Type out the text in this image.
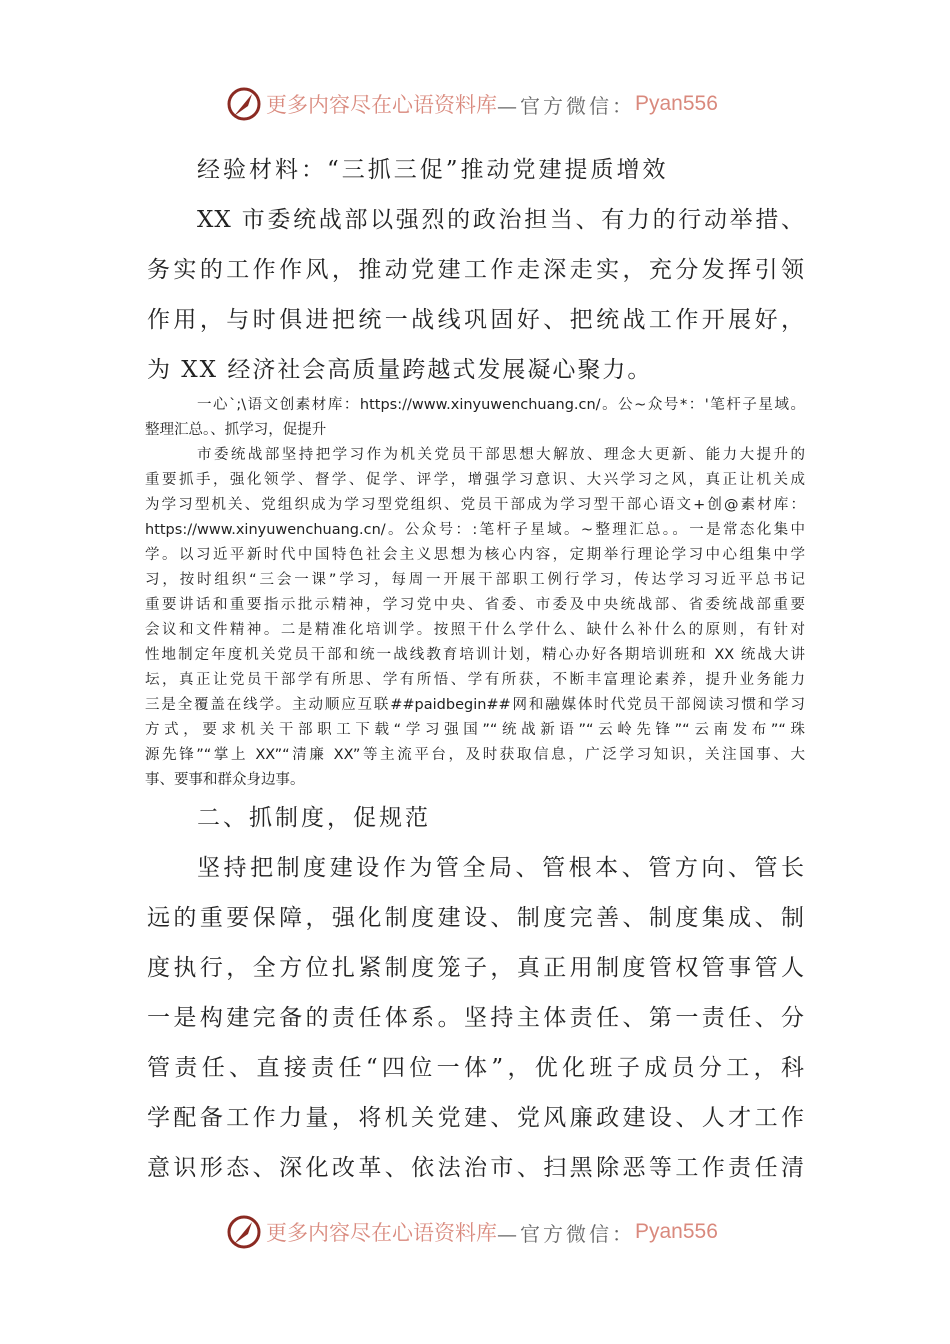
更多内容尽在心语资料库 —官方微信： Pyan556
经验材料：“三抓三促”推动党建提质增效
XX 市委统战部以强烈的政治担当、有力的行动举措、
务实的工作作风，推动党建工作走深走实，充分发挥引领
作用，与时俱进把统一战线巩固好、把统战工作开展好，
为 XX 经济社会高质量跨越式发展凝心聚力。
一心`;\语文创素材库：https://www.xinyuwenchuang.cn/。公~众号*：'笔杆子星域。
整理汇总。、抓学习，促提升
市委统战部坚持把学习作为机关党员干部思想大解放、理念大更新、能力大提升的
重要抓手，强化领学、督学、促学、评学，增强学习意识、大兴学习之风，真正让机关成
为学习型机关、党组织成为学习型党组织、党员干部成为学习型干部心语文+创@素材库：
https://www.xinyuwenchuang.cn/。公众号：:笔杆子星域。~整理汇总。。一是常态化集中
学。以习近平新时代中国特色社会主义思想为核心内容，定期举行理论学习中心组集中学
习，按时组织“三会一课”学习，每周一开展干部职工例行学习，传达学习习近平总书记
重要讲话和重要指示批示精神，学习党中央、省委、市委及中央统战部、省委统战部重要
会议和文件精神。二是精准化培训学。按照干什么学什么、缺什么补什么的原则，有针对
性地制定年度机关党员干部和统一战线教育培训计划，精心办好各期培训班和 XX 统战大讲
坛，真正让党员干部学有所思、学有所悟、学有所获，不断丰富理论素养，提升业务能力
三是全覆盖在线学。主动顺应互联##paidbegin##网和融媒体时代党员干部阅读习惯和学习
方式，要求机关干部职工下载“学习强国”“统战新语”“云岭先锋”“云南发布”“珠
源先锋”“掌上 XX”“清廉 XX”等主流平台，及时获取信息，广泛学习知识，关注国事、大
事、要事和群众身边事。
二、抓制度，促规范
坚持把制度建设作为管全局、管根本、管方向、管长
远的重要保障，强化制度建设、制度完善、制度集成、制
度执行，全方位扎紧制度笼子，真正用制度管权管事管人
一是构建完备的责任体系。坚持主体责任、第一责任、分
管责任、直接责任“四位一体”，优化班子成员分工，科
学配备工作力量，将机关党建、党风廉政建设、人才工作
意识形态、深化改革、依法治市、扫黑除恶等工作责任清
更多内容尽在心语资料库 —官方微信： Pyan556
